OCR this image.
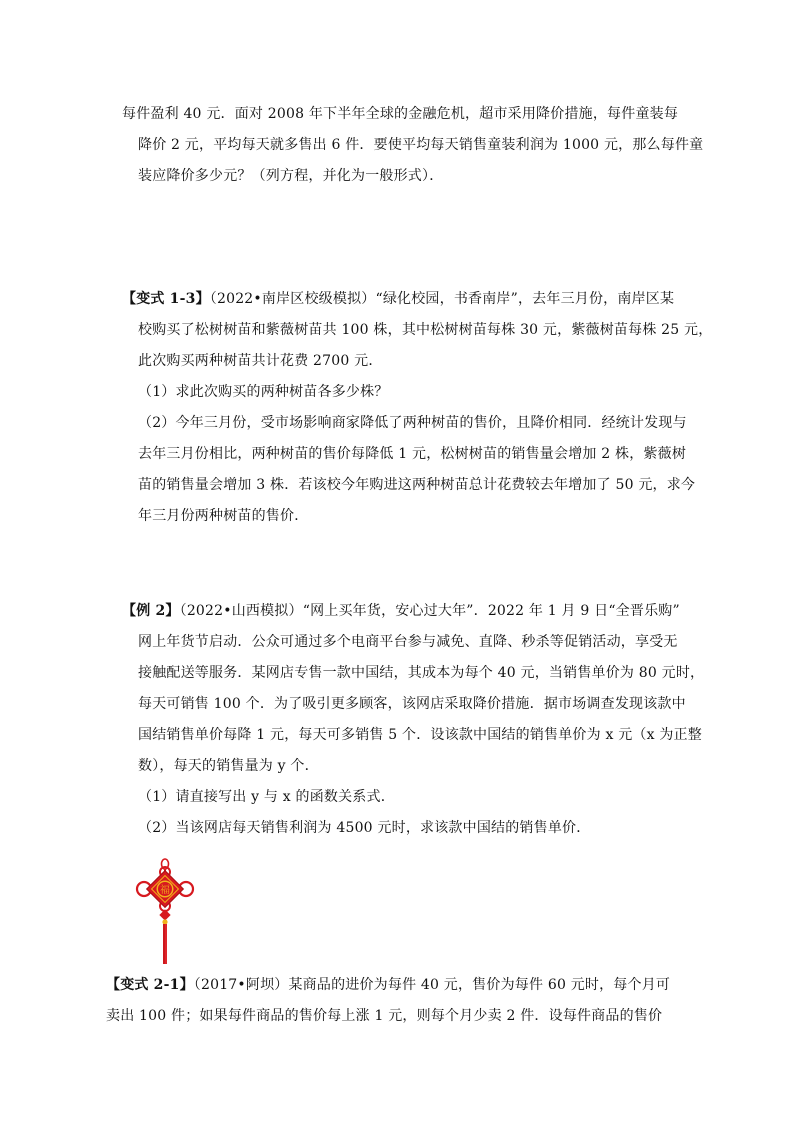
每件盈利 40 元．面对 2008 年下半年全球的金融危机，超市采用降价措施，每件童装每
降价 2 元，平均每天就多售出 6 件．要使平均每天销售童装利润为 1000 元，那么每件童
装应降价多少元？（列方程，并化为一般形式）．
【变式 1-3】（2022•南岸区校级模拟）“绿化校园，书香南岸”，去年三月份，南岸区某
校购买了松树树苗和紫薇树苗共 100 株，其中松树树苗每株 30 元，紫薇树苗每株 25 元，
此次购买两种树苗共计花费 2700 元．
（1）求此次购买的两种树苗各多少株？
（2）今年三月份，受市场影响商家降低了两种树苗的售价，且降价相同．经统计发现与
去年三月份相比，两种树苗的售价每降低 1 元，松树树苗的销售量会增加 2 株，紫薇树
苗的销售量会增加 3 株．若该校今年购进这两种树苗总计花费较去年增加了 50 元，求今
年三月份两种树苗的售价．
【例 2】（2022•山西模拟）“网上买年货，安心过大年”．2022 年 1 月 9 日“全晋乐购”
网上年货节启动．公众可通过多个电商平台参与减免、直降、秒杀等促销活动，享受无
接触配送等服务．某网店专售一款中国结，其成本为每个 40 元，当销售单价为 80 元时，
每天可销售 100 个．为了吸引更多顾客，该网店采取降价措施．据市场调查发现该款中
国结销售单价每降 1 元，每天可多销售 5 个．设该款中国结的销售单价为 x 元（x 为正整
数），每天的销售量为 y 个．
（1）请直接写出 y 与 x 的函数关系式．
（2）当该网店每天销售利润为 4500 元时，求该款中国结的销售单价．
福
【变式 2-1】（2017•阿坝）某商品的进价为每件 40 元，售价为每件 60 元时，每个月可
卖出 100 件；如果每件商品的售价每上涨 1 元，则每个月少卖 2 件．设每件商品的售价
